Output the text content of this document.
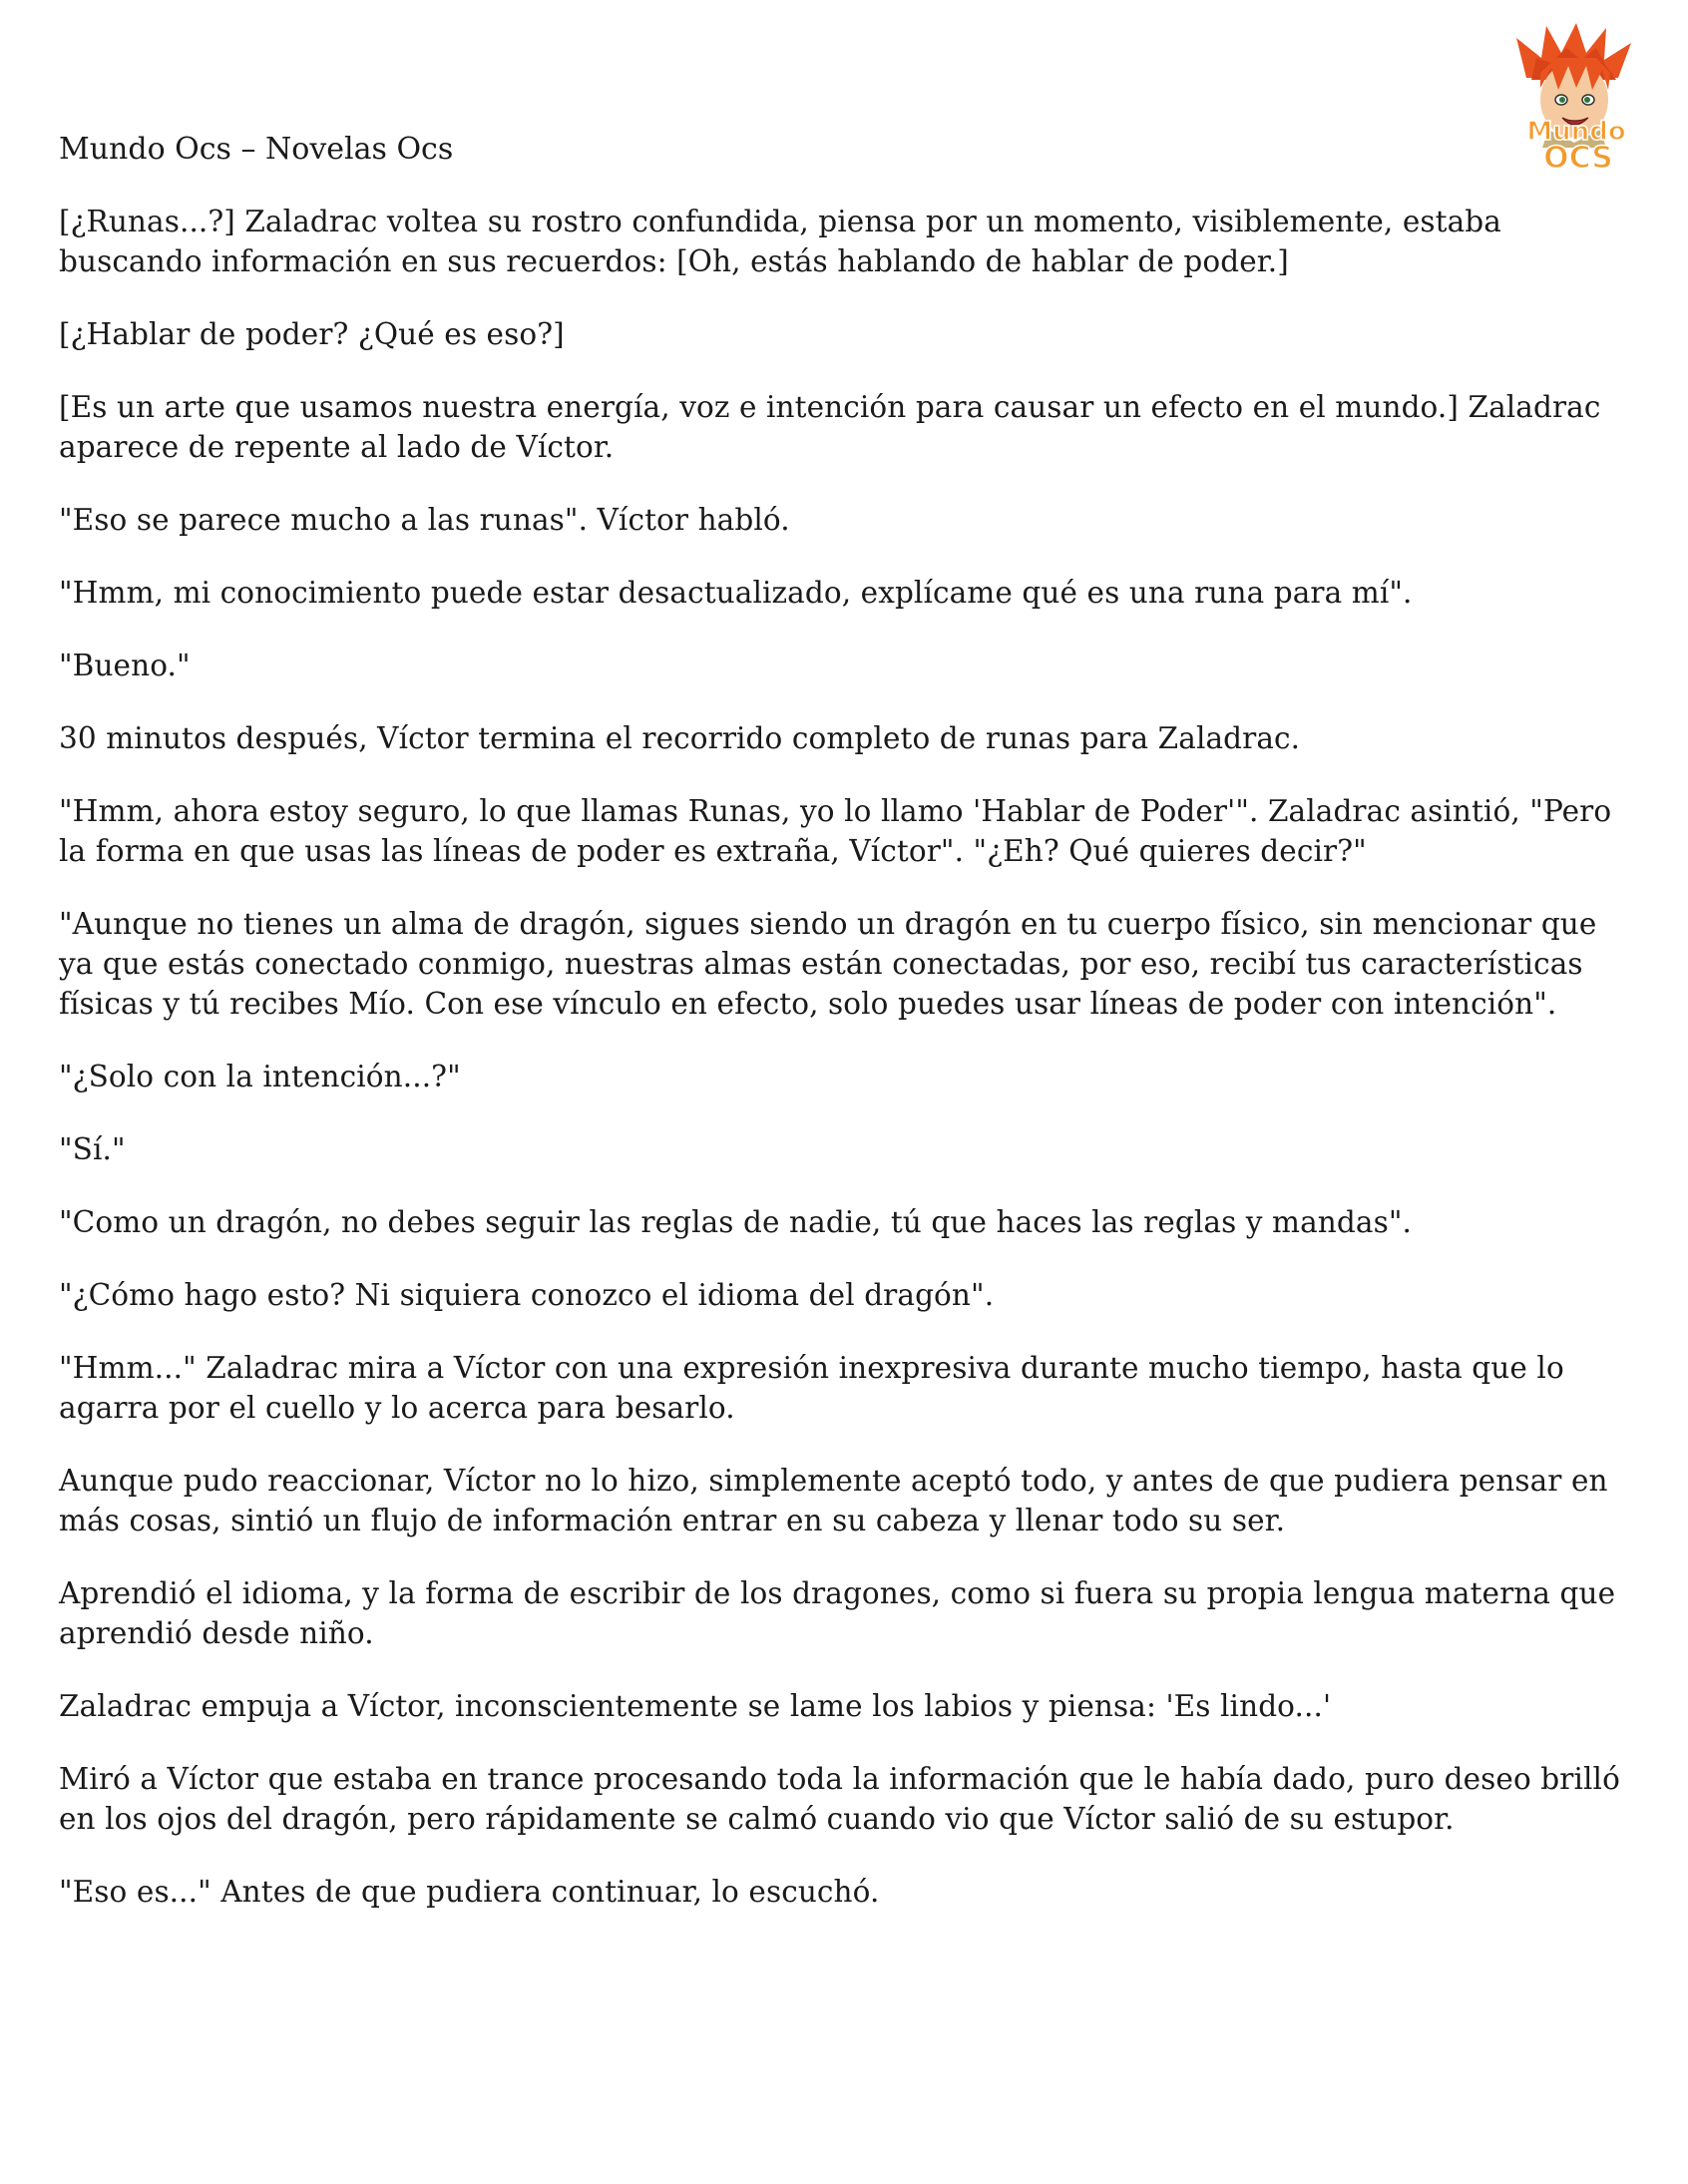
Mundo
OCS

Mundo Ocs – Novelas Ocs

[¿Runas...?] Zaladrac voltea su rostro confundida, piensa por un momento, visiblemente, estaba buscando información en sus recuerdos: [Oh, estás hablando de hablar de poder.]

[¿Hablar de poder? ¿Qué es eso?]

[Es un arte que usamos nuestra energía, voz e intención para causar un efecto en el mundo.] Zaladrac aparece de repente al lado de Víctor.

"Eso se parece mucho a las runas". Víctor habló.

"Hmm, mi conocimiento puede estar desactualizado, explícame qué es una runa para mí".

"Bueno."

30 minutos después, Víctor termina el recorrido completo de runas para Zaladrac.

"Hmm, ahora estoy seguro, lo que llamas Runas, yo lo llamo 'Hablar de Poder'". Zaladrac asintió, "Pero la forma en que usas las líneas de poder es extraña, Víctor". "¿Eh? Qué quieres decir?"

"Aunque no tienes un alma de dragón, sigues siendo un dragón en tu cuerpo físico, sin mencionar que ya que estás conectado conmigo, nuestras almas están conectadas, por eso, recibí tus características físicas y tú recibes Mío. Con ese vínculo en efecto, solo puedes usar líneas de poder con intención".

"¿Solo con la intención...?"

"Sí."

"Como un dragón, no debes seguir las reglas de nadie, tú que haces las reglas y mandas".

"¿Cómo hago esto? Ni siquiera conozco el idioma del dragón".

"Hmm..." Zaladrac mira a Víctor con una expresión inexpresiva durante mucho tiempo, hasta que lo agarra por el cuello y lo acerca para besarlo.

Aunque pudo reaccionar, Víctor no lo hizo, simplemente aceptó todo, y antes de que pudiera pensar en más cosas, sintió un flujo de información entrar en su cabeza y llenar todo su ser.

Aprendió el idioma, y la forma de escribir de los dragones, como si fuera su propia lengua materna que aprendió desde niño.

Zaladrac empuja a Víctor, inconscientemente se lame los labios y piensa: 'Es lindo...'

Miró a Víctor que estaba en trance procesando toda la información que le había dado, puro deseo brilló en los ojos del dragón, pero rápidamente se calmó cuando vio que Víctor salió de su estupor.

"Eso es..." Antes de que pudiera continuar, lo escuchó.
